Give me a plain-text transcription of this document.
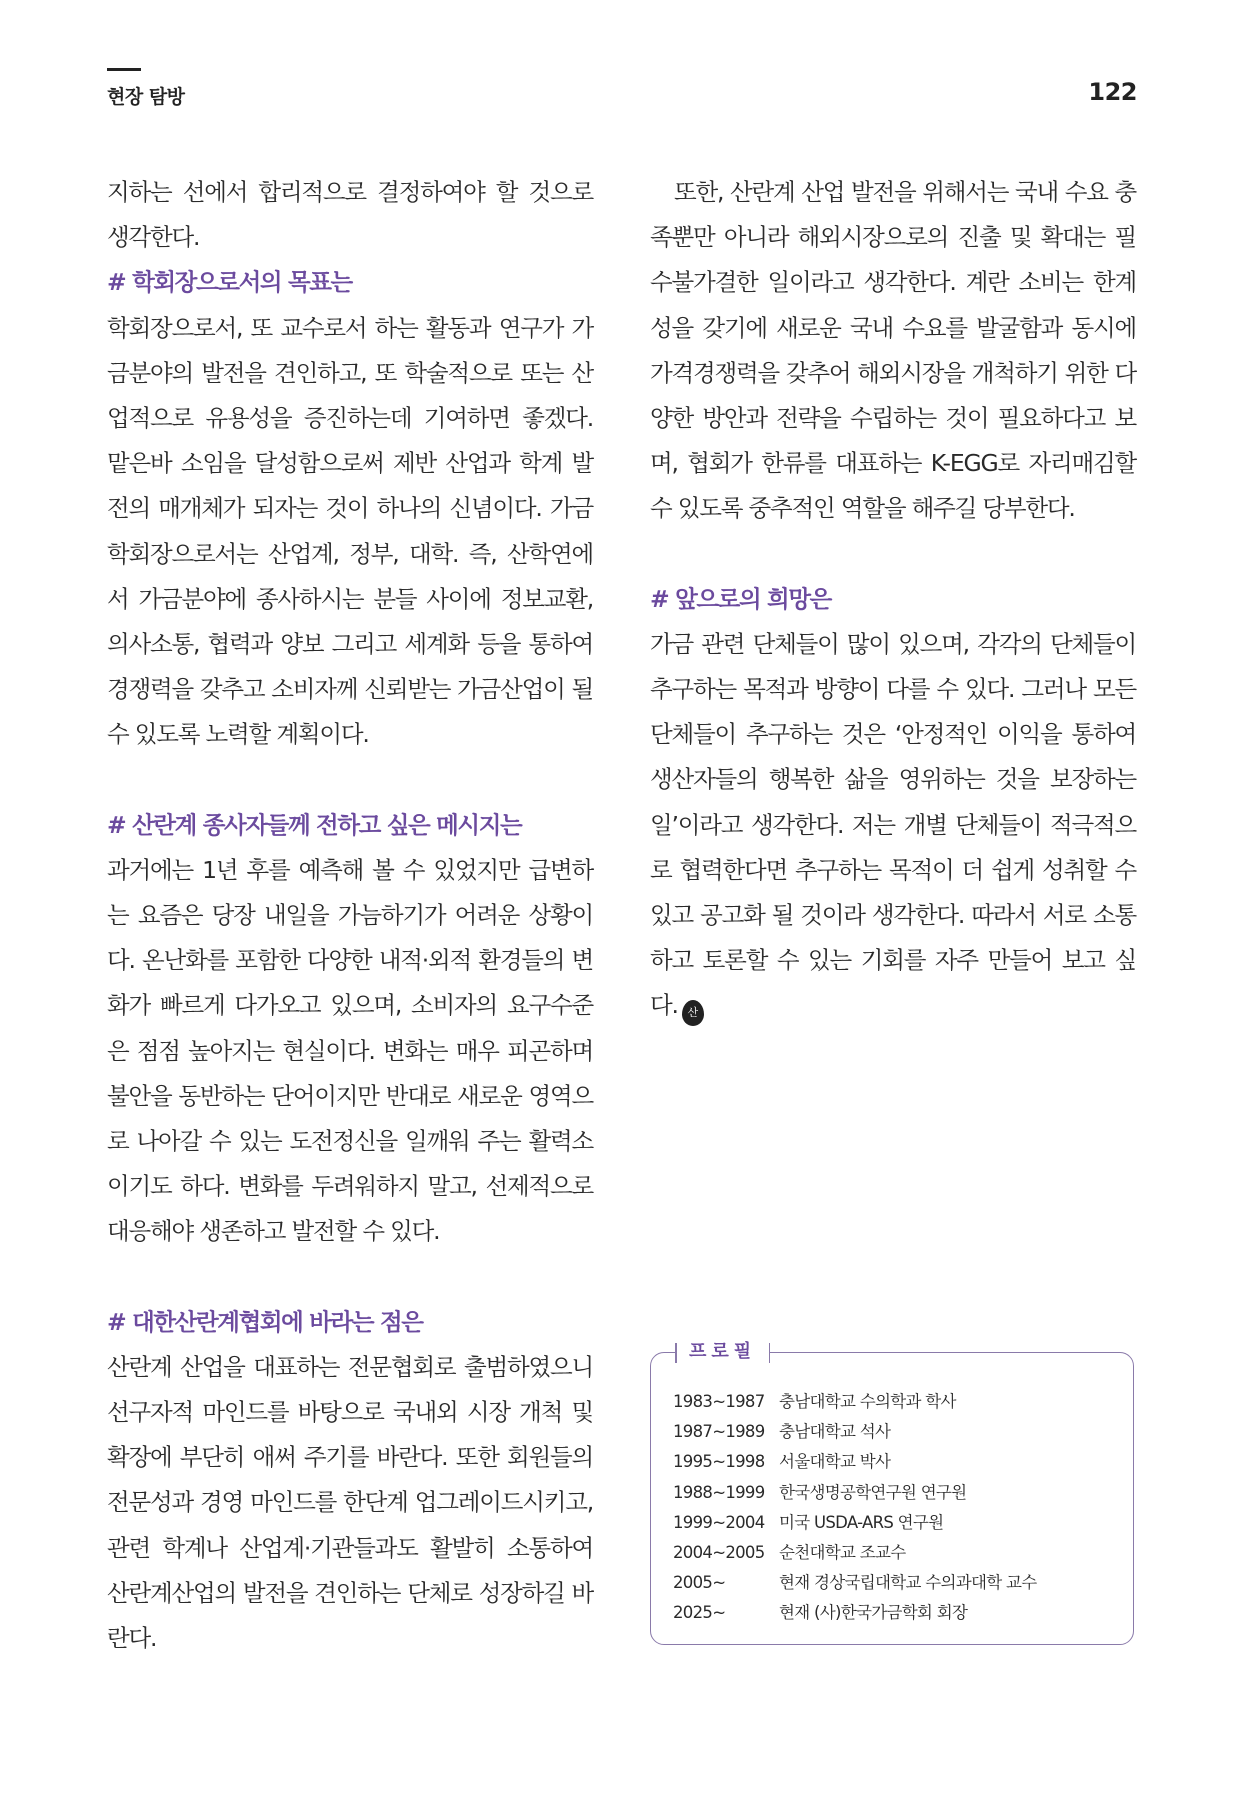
현장 탐방	122

지하는 선에서 합리적으로 결정하여야 할 것으로 생각한다.

# 학회장으로서의 목표는

학회장으로서, 또 교수로서 하는 활동과 연구가 가금분야의 발전을 견인하고, 또 학술적으로 또는 산업적으로 유용성을 증진하는데 기여하면 좋겠다. 맡은바 소임을 달성함으로써 제반 산업과 학계 발전의 매개체가 되자는 것이 하나의 신념이다. 가금학회장으로서는 산업계, 정부, 대학. 즉, 산학연에서 가금분야에 종사하시는 분들 사이에 정보교환, 의사소통, 협력과 양보 그리고 세계화 등을 통하여 경쟁력을 갖추고 소비자께 신뢰받는 가금산업이 될 수 있도록 노력할 계획이다.

# 산란계 종사자들께 전하고 싶은 메시지는

과거에는 1년 후를 예측해 볼 수 있었지만 급변하는 요즘은 당장 내일을 가늠하기가 어려운 상황이다. 온난화를 포함한 다양한 내적·외적 환경들의 변화가 빠르게 다가오고 있으며, 소비자의 요구수준은 점점 높아지는 현실이다. 변화는 매우 피곤하며 불안을 동반하는 단어이지만 반대로 새로운 영역으로 나아갈 수 있는 도전정신을 일깨워 주는 활력소이기도 하다. 변화를 두려워하지 말고, 선제적으로 대응해야 생존하고 발전할 수 있다.

# 대한산란계협회에 바라는 점은

산란계 산업을 대표하는 전문협회로 출범하였으니 선구자적 마인드를 바탕으로 국내외 시장 개척 및 확장에 부단히 애써 주기를 바란다. 또한 회원들의 전문성과 경영 마인드를 한단계 업그레이드시키고, 관련 학계나 산업계·기관들과도 활발히 소통하여 산란계산업의 발전을 견인하는 단체로 성장하길 바란다.

또한, 산란계 산업 발전을 위해서는 국내 수요 충족뿐만 아니라 해외시장으로의 진출 및 확대는 필수불가결한 일이라고 생각한다. 계란 소비는 한계성을 갖기에 새로운 국내 수요를 발굴함과 동시에 가격경쟁력을 갖추어 해외시장을 개척하기 위한 다양한 방안과 전략을 수립하는 것이 필요하다고 보며, 협회가 한류를 대표하는 K-EGG로 자리매김할 수 있도록 중추적인 역할을 해주길 당부한다.

# 앞으로의 희망은

가금 관련 단체들이 많이 있으며, 각각의 단체들이 추구하는 목적과 방향이 다를 수 있다. 그러나 모든 단체들이 추구하는 것은 ‘안정적인 이익을 통하여 생산자들의 행복한 삶을 영위하는 것을 보장하는 일’이라고 생각한다. 저는 개별 단체들이 적극적으로 협력한다면 추구하는 목적이 더 쉽게 성취할 수 있고 공고화 될 것이라 생각한다. 따라서 서로 소통하고 토론할 수 있는 기회를 자주 만들어 보고 싶다. 산

프로필
1983~1987 충남대학교 수의학과 학사
1987~1989 충남대학교 석사
1995~1998 서울대학교 박사
1988~1999 한국생명공학연구원 연구원
1999~2004 미국 USDA-ARS 연구원
2004~2005 순천대학교 조교수
2005~	현재 경상국립대학교 수의과대학 교수
2025~	현재 (사)한국가금학회 회장
